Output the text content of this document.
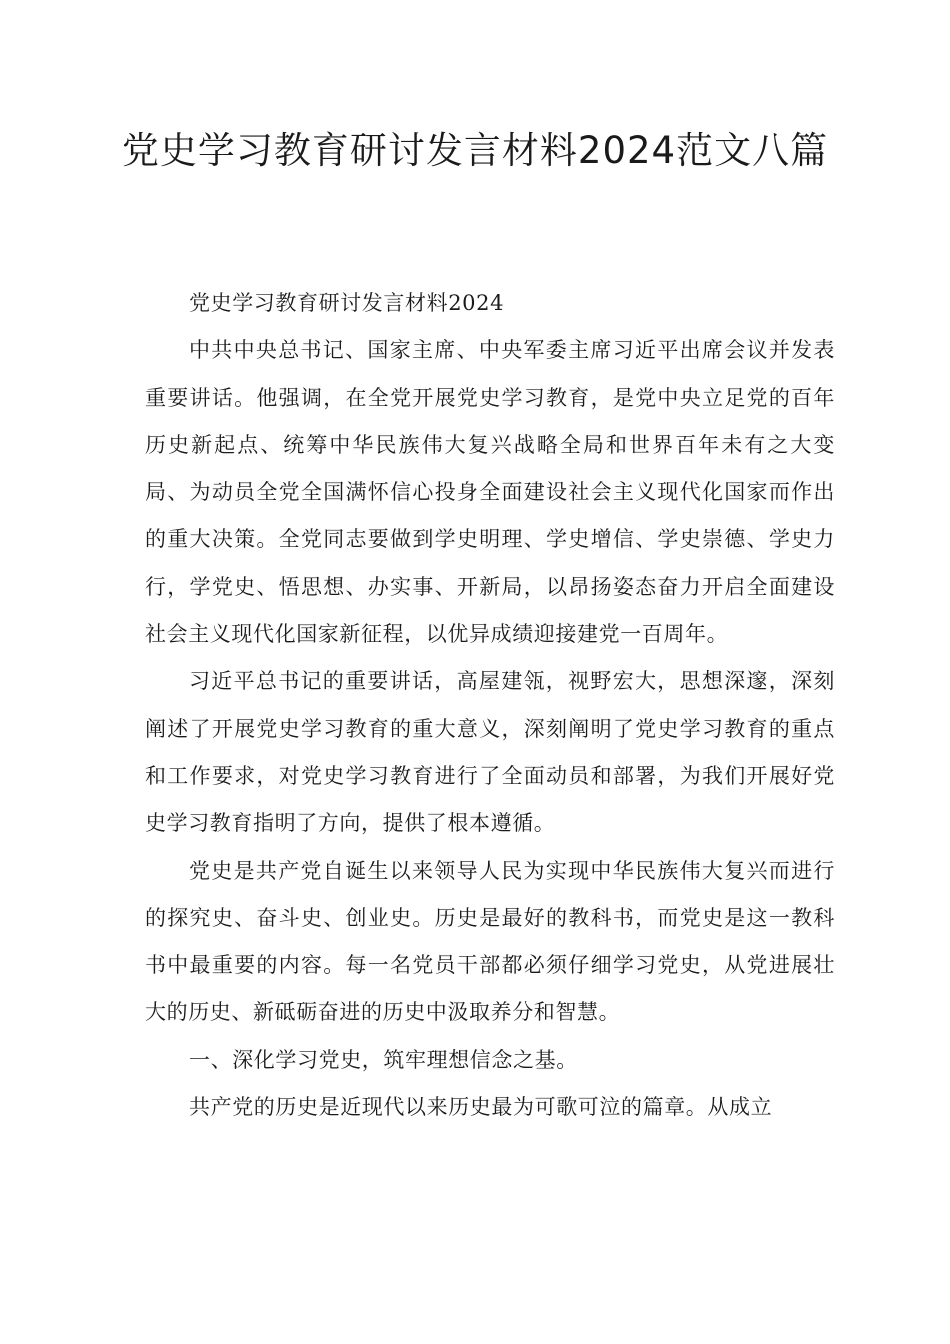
党史学习教育研讨发言材料2024范文八篇

党史学习教育研讨发言材料2024

中共中央总书记、国家主席、中央军委主席习近平出席会议并发表重要讲话。他强调，在全党开展党史学习教育，是党中央立足党的百年历史新起点、统筹中华民族伟大复兴战略全局和世界百年未有之大变局、为动员全党全国满怀信心投身全面建设社会主义现代化国家而作出的重大决策。全党同志要做到学史明理、学史增信、学史崇德、学史力行，学党史、悟思想、办实事、开新局，以昂扬姿态奋力开启全面建设社会主义现代化国家新征程，以优异成绩迎接建党一百周年。

习近平总书记的重要讲话，高屋建瓴，视野宏大，思想深邃，深刻阐述了开展党史学习教育的重大意义，深刻阐明了党史学习教育的重点和工作要求，对党史学习教育进行了全面动员和部署，为我们开展好党史学习教育指明了方向，提供了根本遵循。

党史是共产党自诞生以来领导人民为实现中华民族伟大复兴而进行的探究史、奋斗史、创业史。历史是最好的教科书，而党史是这一教科书中最重要的内容。每一名党员干部都必须仔细学习党史，从党进展壮大的历史、新砥砺奋进的历史中汲取养分和智慧。

一、深化学习党史，筑牢理想信念之基。

共产党的历史是近现代以来历史最为可歌可泣的篇章。从成立
